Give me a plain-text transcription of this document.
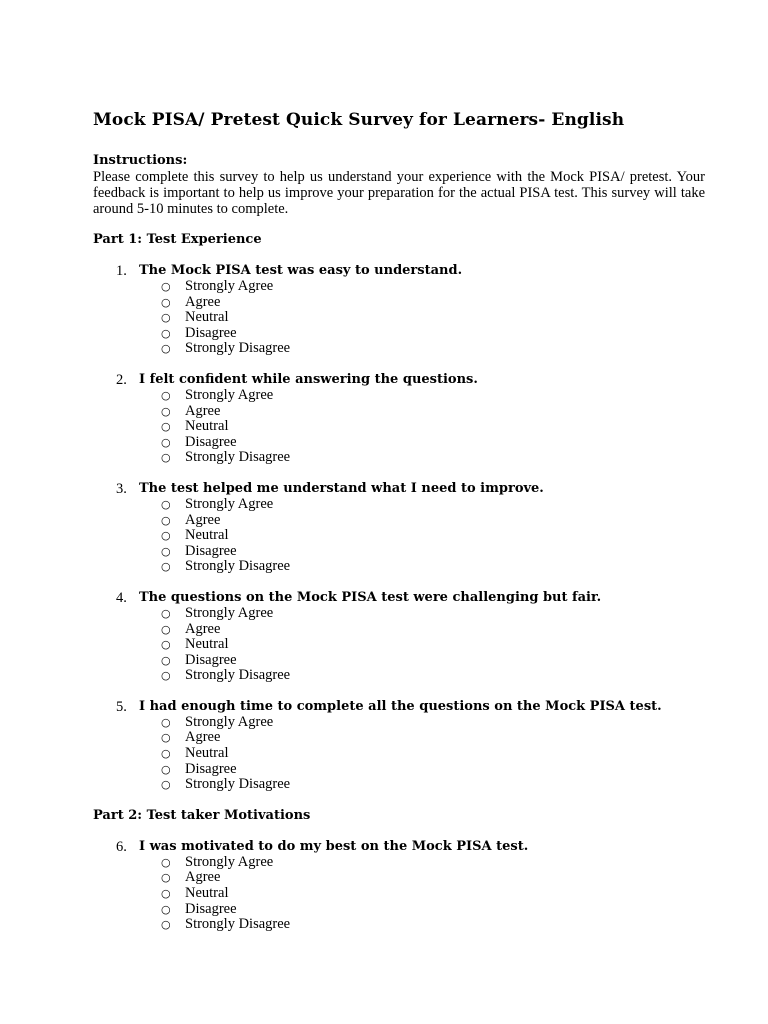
Mock PISA/ Pretest Quick Survey for Learners- English

Instructions:

Please complete this survey to help us understand your experience with the Mock PISA/ pretest. Your feedback is important to help us improve your preparation for the actual PISA test. This survey will take around 5-10 minutes to complete.

Part 1: Test Experience

1. The Mock PISA test was easy to understand.
○ Strongly Agree
○ Agree
○ Neutral
○ Disagree
○ Strongly Disagree
2. I felt confident while answering the questions.
○ Strongly Agree
○ Agree
○ Neutral
○ Disagree
○ Strongly Disagree
3. The test helped me understand what I need to improve.
○ Strongly Agree
○ Agree
○ Neutral
○ Disagree
○ Strongly Disagree
4. The questions on the Mock PISA test were challenging but fair.
○ Strongly Agree
○ Agree
○ Neutral
○ Disagree
○ Strongly Disagree
5. I had enough time to complete all the questions on the Mock PISA test.
○ Strongly Agree
○ Agree
○ Neutral
○ Disagree
○ Strongly Disagree

Part 2: Test taker Motivations

6. I was motivated to do my best on the Mock PISA test.
○ Strongly Agree
○ Agree
○ Neutral
○ Disagree
○ Strongly Disagree
